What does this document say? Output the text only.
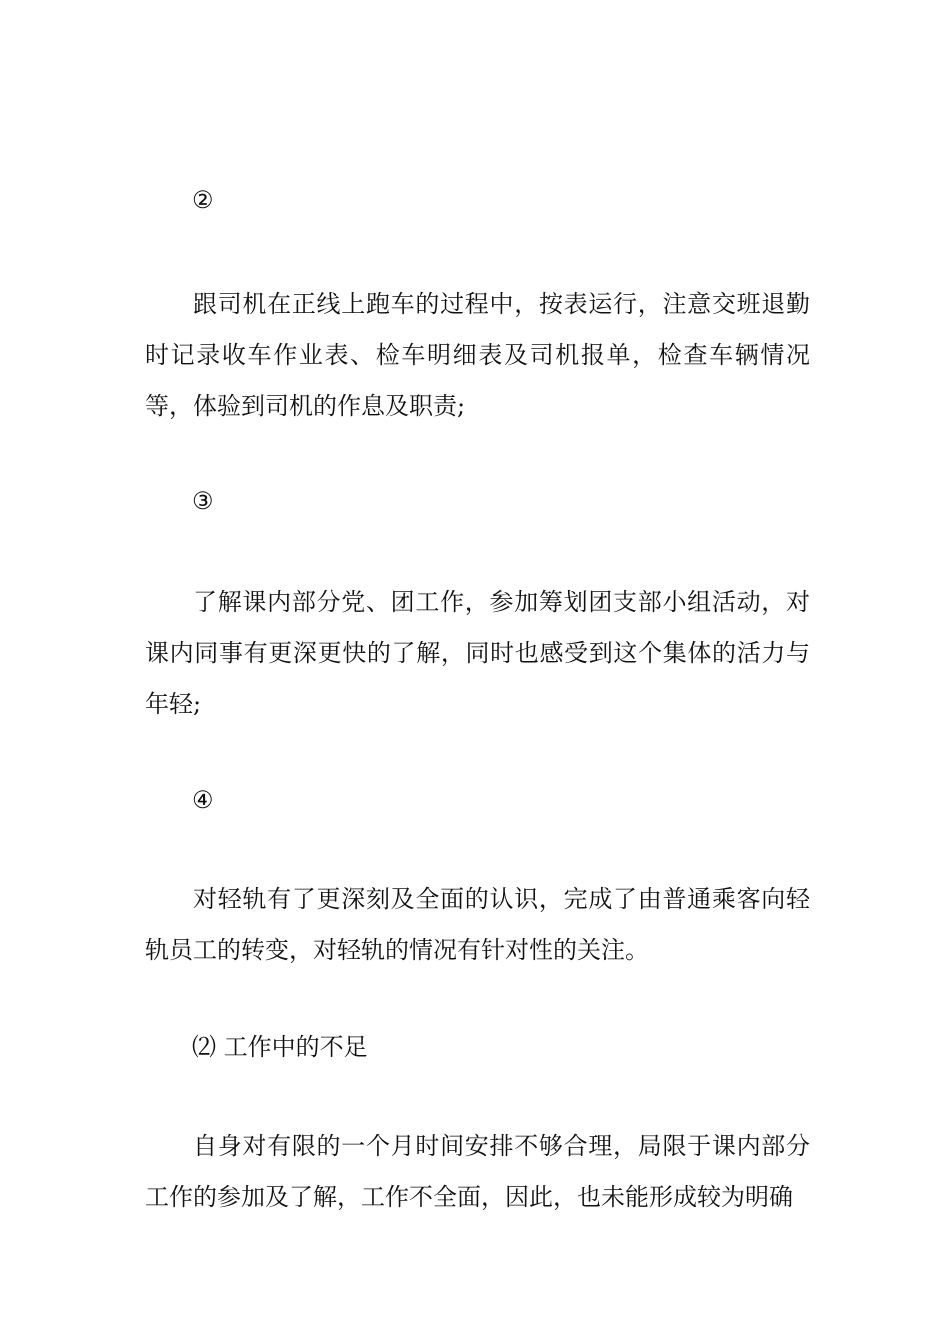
②

跟司机在正线上跑车的过程中，按表运行，注意交班退勤时记录收车作业表、检车明细表及司机报单，检查车辆情况等，体验到司机的作息及职责;

③

了解课内部分党、团工作，参加筹划团支部小组活动，对课内同事有更深更快的了解，同时也感受到这个集体的活力与年轻;

④

对轻轨有了更深刻及全面的认识，完成了由普通乘客向轻轨员工的转变，对轻轨的情况有针对性的关注。

⑵ 工作中的不足

自身对有限的一个月时间安排不够合理，局限于课内部分工作的参加及了解，工作不全面，因此，也未能形成较为明确
